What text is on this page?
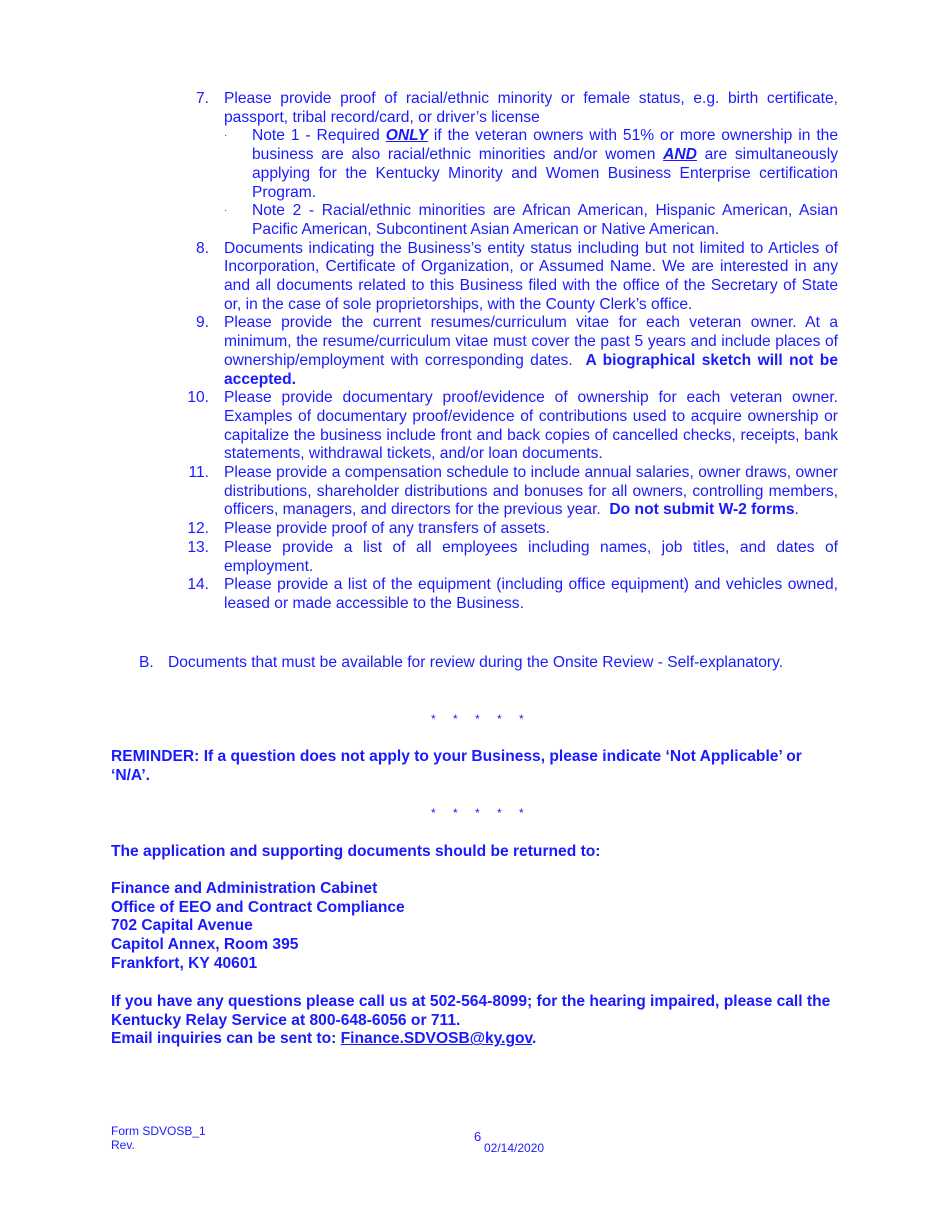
7. Please provide proof of racial/ethnic minority or female status, e.g. birth certificate, passport, tribal record/card, or driver’s license
·	Note 1 - Required ONLY if the veteran owners with 51% or more ownership in the business are also racial/ethnic minorities and/or women AND are simultaneously applying for the Kentucky Minority and Women Business Enterprise certification Program.
·	Note 2 - Racial/ethnic minorities are African American, Hispanic American, Asian Pacific American, Subcontinent Asian American or Native American.
8. Documents indicating the Business’s entity status including but not limited to Articles of Incorporation, Certificate of Organization, or Assumed Name. We are interested in any and all documents related to this Business filed with the office of the Secretary of State or, in the case of sole proprietorships, with the County Clerk’s office.
9. Please provide the current resumes/curriculum vitae for each veteran owner. At a minimum, the resume/curriculum vitae must cover the past 5 years and include places of ownership/employment with corresponding dates. A biographical sketch will not be accepted.
10. Please provide documentary proof/evidence of ownership for each veteran owner. Examples of documentary proof/evidence of contributions used to acquire ownership or capitalize the business include front and back copies of cancelled checks, receipts, bank statements, withdrawal tickets, and/or loan documents.
11. Please provide a compensation schedule to include annual salaries, owner draws, owner distributions, shareholder distributions and bonuses for all owners, controlling members, officers, managers, and directors for the previous year. Do not submit W-2 forms.
12. Please provide proof of any transfers of assets.
13. Please provide a list of all employees including names, job titles, and dates of employment.
14. Please provide a list of the equipment (including office equipment) and vehicles owned, leased or made accessible to the Business.
B. Documents that must be available for review during the Onsite Review - Self-explanatory.
* * * * *
REMINDER: If a question does not apply to your Business, please indicate ‘Not Applicable’ or ‘N/A’.
* * * * *
The application and supporting documents should be returned to:
Finance and Administration Cabinet
Office of EEO and Contract Compliance
702 Capital Avenue
Capitol Annex, Room 395
Frankfort, KY 40601
If you have any questions please call us at 502-564-8099; for the hearing impaired, please call the Kentucky Relay Service at 800-648-6056 or 711.
Email inquiries can be sent to: Finance.SDVOSB@ky.gov.
Form SDVOSB_1
Rev.
6
02/14/2020
